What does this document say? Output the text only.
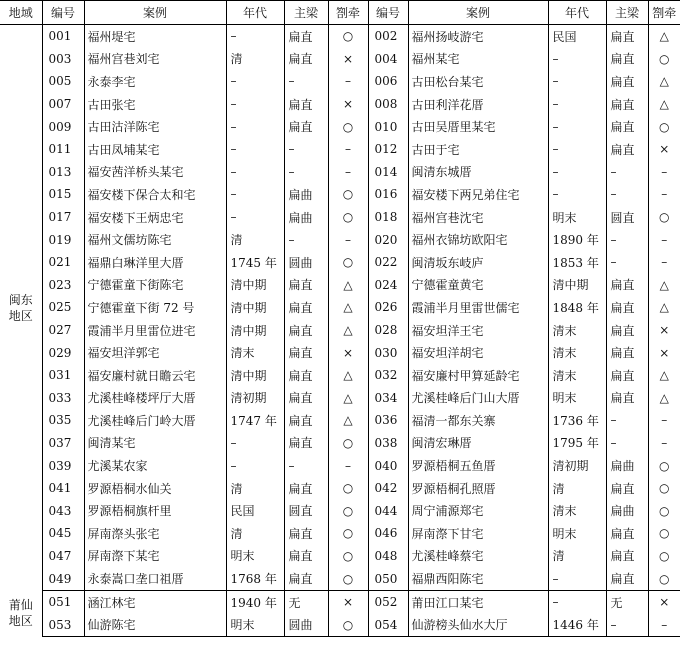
地域	编号	案例	年代	主梁	劄牵	编号	案例	年代	主梁	劄牵

闽东
地区	001	福州堤宅	–	扁直	○	002	福州扬岐游宅	民国	扁直	△
	003	福州宫巷刘宅	清	扁直	×	004	福州某宅	–	扁直	○
	005	永泰李宅	–	–	–	006	古田松台某宅	–	扁直	△
	007	古田张宅	–	扁直	×	008	古田利洋花厝	–	扁直	△
	009	古田沽洋陈宅	–	扁直	○	010	古田吴厝里某宅	–	扁直	○
	011	古田凤埔某宅	–	–	–	012	古田于宅	–	扁直	×
	013	福安茜洋桥头某宅	–	–	–	014	闽清东城厝	–	–	–
	015	福安楼下保合太和宅	–	扁曲	○	016	福安楼下两兄弟住宅	–	–	–
	017	福安楼下王炳忠宅	–	扁曲	○	018	福州宫巷沈宅	明末	圆直	○
	019	福州文儒坊陈宅	清	–	–	020	福州衣锦坊欧阳宅	1890 年	–	–
	021	福鼎白琳洋里大厝	1745 年	圆曲	○	022	闽清坂东岐庐	1853 年	–	–
	023	宁德霍童下街陈宅	清中期	扁直	△	024	宁德霍童黄宅	清中期	扁直	△
	025	宁德霍童下街 72 号	清中期	扁直	△	026	霞浦半月里雷世儒宅	1848 年	扁直	△
	027	霞浦半月里雷位进宅	清中期	扁直	△	028	福安坦洋王宅	清末	扁直	×
	029	福安坦洋郭宅	清末	扁直	×	030	福安坦洋胡宅	清末	扁直	×
	031	福安廉村就日瞻云宅	清中期	扁直	△	032	福安廉村甲算延龄宅	清末	扁直	△
	033	尤溪桂峰楼坪厅大厝	清初期	扁直	△	034	尤溪桂峰后门山大厝	明末	扁直	△
	035	尤溪桂峰后门岭大厝	1747 年	扁直	△	036	福清一都东关寨	1736 年	–	–
	037	闽清某宅	–	扁直	○	038	闽清宏琳厝	1795 年	–	–
	039	尤溪某农家	–	–	–	040	罗源梧桐五鱼厝	清初期	扁曲	○
	041	罗源梧桐水仙关	清	扁直	○	042	罗源梧桐孔照厝	清	扁直	○
	043	罗源梧桐旗杆里	民国	圆直	○	044	周宁浦源郑宅	清末	扁曲	○
	045	屏南漈头张宅	清	扁直	○	046	屏南漈下甘宅	明末	扁直	○
	047	屏南漈下某宅	明末	扁直	○	048	尤溪桂峰蔡宅	清	扁直	○
	049	永泰嵩口垄口祖厝	1768 年	扁直	○	050	福鼎西阳陈宅	–	扁直	○

莆仙
地区	051	涵江林宅	1940 年	无	×	052	莆田江口某宅	–	无	×
	053	仙游陈宅	明末	圆曲	○	054	仙游榜头仙水大厅	1446 年	–	–
